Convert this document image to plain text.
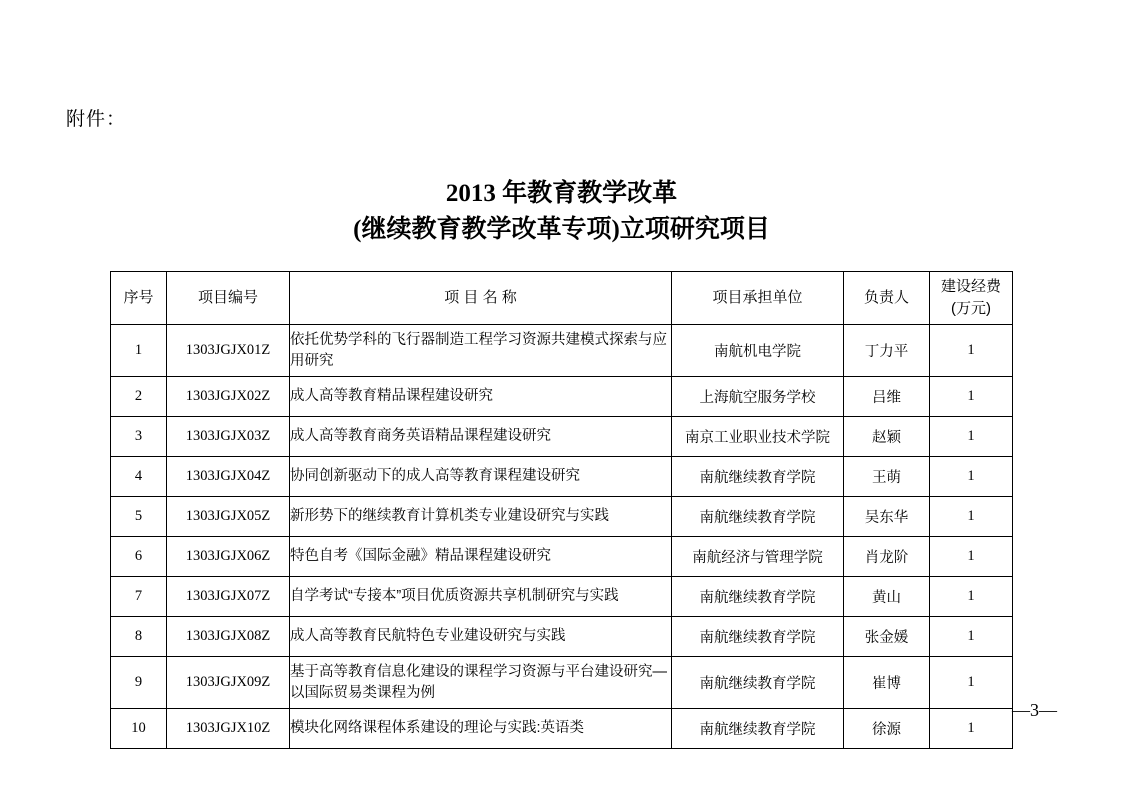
附件：
2013 年教育教学改革
(继续教育教学改革专项)立项研究项目
序号	项目编号	项 目 名 称	项目承担单位	负责人	建设经费
(万元)

1	1303JGJX01Z	依托优势学科的飞行器制造工程学习资源共建模式探索与应用研究	南航机电学院	丁力平	1
2	1303JGJX02Z	成人高等教育精品课程建设研究	上海航空服务学校	吕维	1
3	1303JGJX03Z	成人高等教育商务英语精品课程建设研究	南京工业职业技术学院	赵颖	1
4	1303JGJX04Z	协同创新驱动下的成人高等教育课程建设研究	南航继续教育学院	王萌	1
5	1303JGJX05Z	新形势下的继续教育计算机类专业建设研究与实践	南航继续教育学院	吴东华	1
6	1303JGJX06Z	特色自考《国际金融》精品课程建设研究	南航经济与管理学院	肖龙阶	1
7	1303JGJX07Z	自学考试“专接本”项目优质资源共享机制研究与实践	南航继续教育学院	黄山	1
8	1303JGJX08Z	成人高等教育民航特色专业建设研究与实践	南航继续教育学院	张金媛	1
9	1303JGJX09Z	基于高等教育信息化建设的课程学习资源与平台建设研究—以国际贸易类课程为例	南航继续教育学院	崔博	1
10	1303JGJX10Z	模块化网络课程体系建设的理论与实践:英语类	南航继续教育学院	徐源	1
—3—
